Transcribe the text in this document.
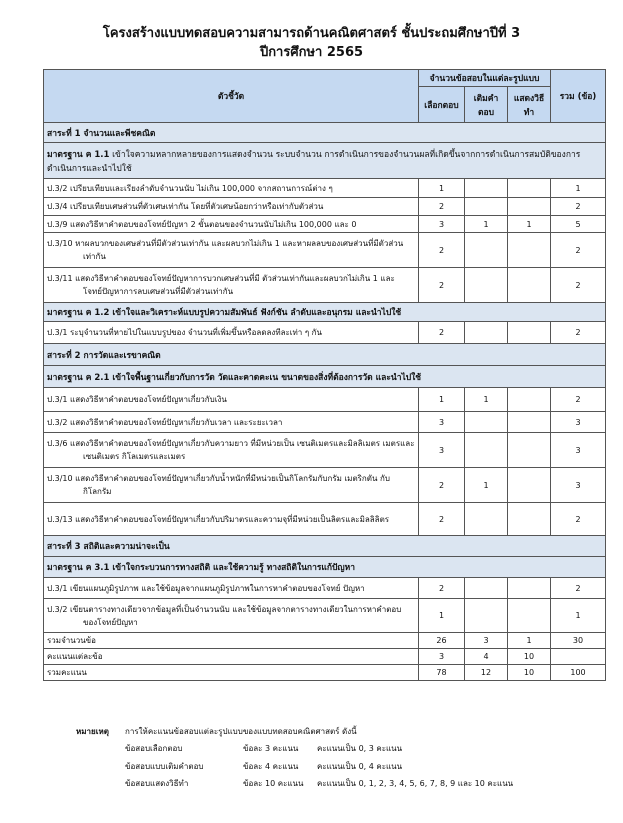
โครงสร้างแบบทดสอบความสามารถด้านคณิตศาสตร์ ชั้นประถมศึกษาปีที่ 3
ปีการศึกษา 2565
ตัวชี้วัด	จำนวนข้อสอบในแต่ละรูปแบบ			รวม (ข้อ)
	เลือกตอบ	เติมคำตอบ	แสดงวิธีทำ	
สาระที่ 1 จำนวนและพีชคณิต				
มาตรฐาน ค 1.1 เข้าใจความหลากหลายของการแสดงจำนวน ระบบจำนวน การดำเนินการของจำนวนผลที่เกิดขึ้นจากการดำเนินการสมบัติของการดำเนินการและนำไปใช้				
ป.3/2 เปรียบเทียบและเรียงลำดับจำนวนนับ ไม่เกิน 100,000 จากสถานการณ์ต่าง ๆ	1			1
ป.3/4 เปรียบเทียบเศษส่วนที่ตัวเศษเท่ากัน โดยที่ตัวเศษน้อยกว่าหรือเท่ากับตัวส่วน	2			2
ป.3/9 แสดงวิธีหาคำตอบของโจทย์ปัญหา 2 ขั้นตอนของจำนวนนับไม่เกิน 100,000 และ 0	3	1	1	5

ป.3/10 หาผลบวกของเศษส่วนที่มีตัวส่วนเท่ากัน และผลบวกไม่เกิน 1 และหาผลลบของเศษส่วนที่มีตัวส่วนเท่ากัน	2			2

ป.3/11 แสดงวิธีหาคำตอบของโจทย์ปัญหาการบวกเศษส่วนที่มี ตัวส่วนเท่ากันและผลบวกไม่เกิน 1 และ โจทย์ปัญหาการลบเศษส่วนที่มีตัวส่วนเท่ากัน	2			2
มาตรฐาน ค 1.2 เข้าใจและวิเคราะห์แบบรูปความสัมพันธ์ ฟังก์ชัน ลำดับและอนุกรม และนำไปใช้				
ป.3/1 ระบุจำนวนที่หายไปในแบบรูปของ จำนวนที่เพิ่มขึ้นหรือลดลงทีละเท่า ๆ กัน	2			2
สาระที่ 2 การวัดและเรขาคณิต				
มาตรฐาน ค 2.1 เข้าใจพื้นฐานเกี่ยวกับการวัด วัดและคาดคะเน ขนาดของสิ่งที่ต้องการวัด และนำไปใช้				
ป.3/1 แสดงวิธีหาคำตอบของโจทย์ปัญหาเกี่ยวกับเงิน	1	1		2
ป.3/2 แสดงวิธีหาคำตอบของโจทย์ปัญหาเกี่ยวกับเวลา และระยะเวลา	3			3

ป.3/6 แสดงวิธีหาคำตอบของโจทย์ปัญหาเกี่ยวกับความยาว ที่มีหน่วยเป็น เซนติเมตรและมิลลิเมตร เมตรและเซนติเมตร กิโลเมตรและเมตร	3			3

ป.3/10 แสดงวิธีหาคำตอบของโจทย์ปัญหาเกี่ยวกับน้ำหนักที่มีหน่วยเป็นกิโลกรัมกับกรัม เมตริกตัน กับกิโลกรัม	2	1		3

ป.3/13 แสดงวิธีหาคำตอบของโจทย์ปัญหาเกี่ยวกับปริมาตรและความจุที่มีหน่วยเป็นลิตรและมิลลิลิตร	2			2
สาระที่ 3 สถิติและความน่าจะเป็น				
มาตรฐาน ค 3.1 เข้าใจกระบวนการทางสถิติ และใช้ความรู้ ทางสถิติในการแก้ปัญหา				
ป.3/1 เขียนแผนภูมิรูปภาพ และใช้ข้อมูลจากแผนภูมิรูปภาพในการหาคำตอบของโจทย์ ปัญหา	2			2

ป.3/2 เขียนตารางทางเดียวจากข้อมูลที่เป็นจำนวนนับ และใช้ข้อมูลจากตารางทางเดียวในการหาคำตอบของโจทย์ปัญหา	1			1
รวมจำนวนข้อ	26	3	1	30
คะแนนแต่ละข้อ	3	4	10	
รวมคะแนน	78	12	10	100
หมายเหตุ การให้คะแนนข้อสอบแต่ละรูปแบบของแบบทดสอบคณิตศาสตร์ ดังนี้
ข้อสอบเลือกตอบ	ข้อละ 3 คะแนน คะแนนเป็น 0, 3 คะแนน
ข้อสอบแบบเติมคำตอบ	ข้อละ 4 คะแนน คะแนนเป็น 0, 4 คะแนน
ข้อสอบแสดงวิธีทำ	ข้อละ 10 คะแนน คะแนนเป็น 0, 1, 2, 3, 4, 5, 6, 7, 8, 9 และ 10 คะแนน
